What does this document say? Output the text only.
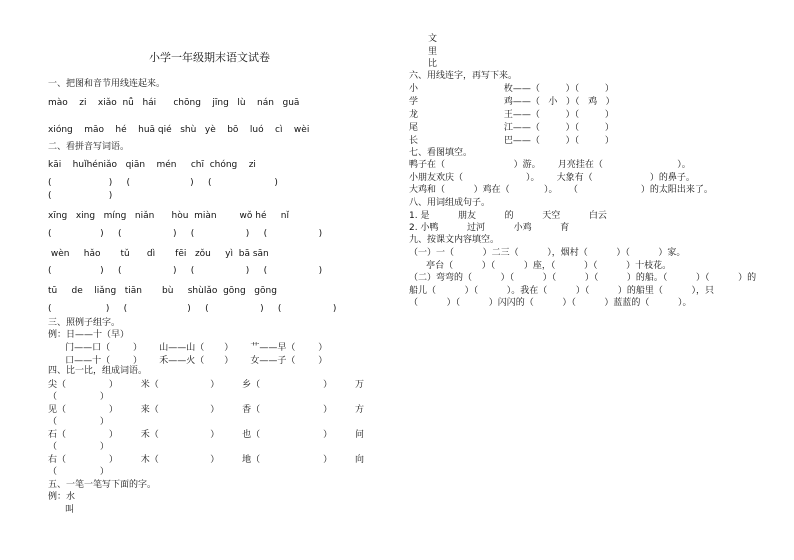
小学一年级期末语文试卷
一、把图和音节用线连起来。
mào    zi    xiǎo  nǚ   hái      chōng    jīng   lù    nán   guā
xióng    māo    hé    huā qié   shù   yè    bō    luó    cì    wèi
二、看拼音写词语。
kāi    huǐhéniǎo   qiān    mén     chī  chóng    zi
(                    )     (                     )     (                      )
(                    )
xīng   xing   míng   niǎn      hòu  miàn        wǒ hé     nǐ
(                 )     (                  )     (                  )     (                  )
wèn     hǎo       tǔ      dì       fēi   zǒu     yì  bā sān
(                 )     (                  )     (                  )     (                  )
tū     de    liǎng   tiān       bù     shùlǎo  gōng   gōng
(                   )     (                     )     (                  )     (                  )
三、照例子组字。
例：日——十（早）
门——口（        ）      山——山（       ）      艹——早（        ）
口——十（        ）      禾——火（       ）      女——子（        ）
四、比一比，组成词语。
尖（               ）        米（                  ）        乡（                      ）        万
（               ）
见（               ）        来（                  ）        香（                      ）        方
（               ）
石（               ）        禾（                  ）        也（                      ）        问
（               ）
右（               ）        木（                  ）        地（                      ）        向
（               ）
五、一笔一笔写下面的字。
例：水
叫
文
里
比
六、用线连字，再写下来。
小                              枚——（         ）（         ）
学                              鸡——（   小   ）（   鸡   ）
龙                              王——（         ）（         ）
尾                              江——（         ）（         ）
长                              巴——（         ）（         ）
七、看图填空。
鸭子在（                        ）游。      月亮挂在（                          ）。
小朋友欢庆（                      ）。      大象有（                    ）的鼻子。
大鸡和（          ）鸡在（            ）。    （                      ）的太阳出来了。
八、用词组成句子。
1. 是          朋友          的          天空          白云
2. 小鸭          过河          小鸡          育
九、按课文内容填空。
（一）一（          ）二三（          ），烟村（          ）（          ）家。
亭台（          ）（          ）座，（          ）（          ）十枝花。
（二）弯弯的（          ）（          ）（          ）（          ）的船。（          ）（          ）的
船儿（          ）（          ）。我在（          ）（          ）的船里（          ），只
（          ）（          ）闪闪的（          ）（          ）蓝蓝的（          ）。
